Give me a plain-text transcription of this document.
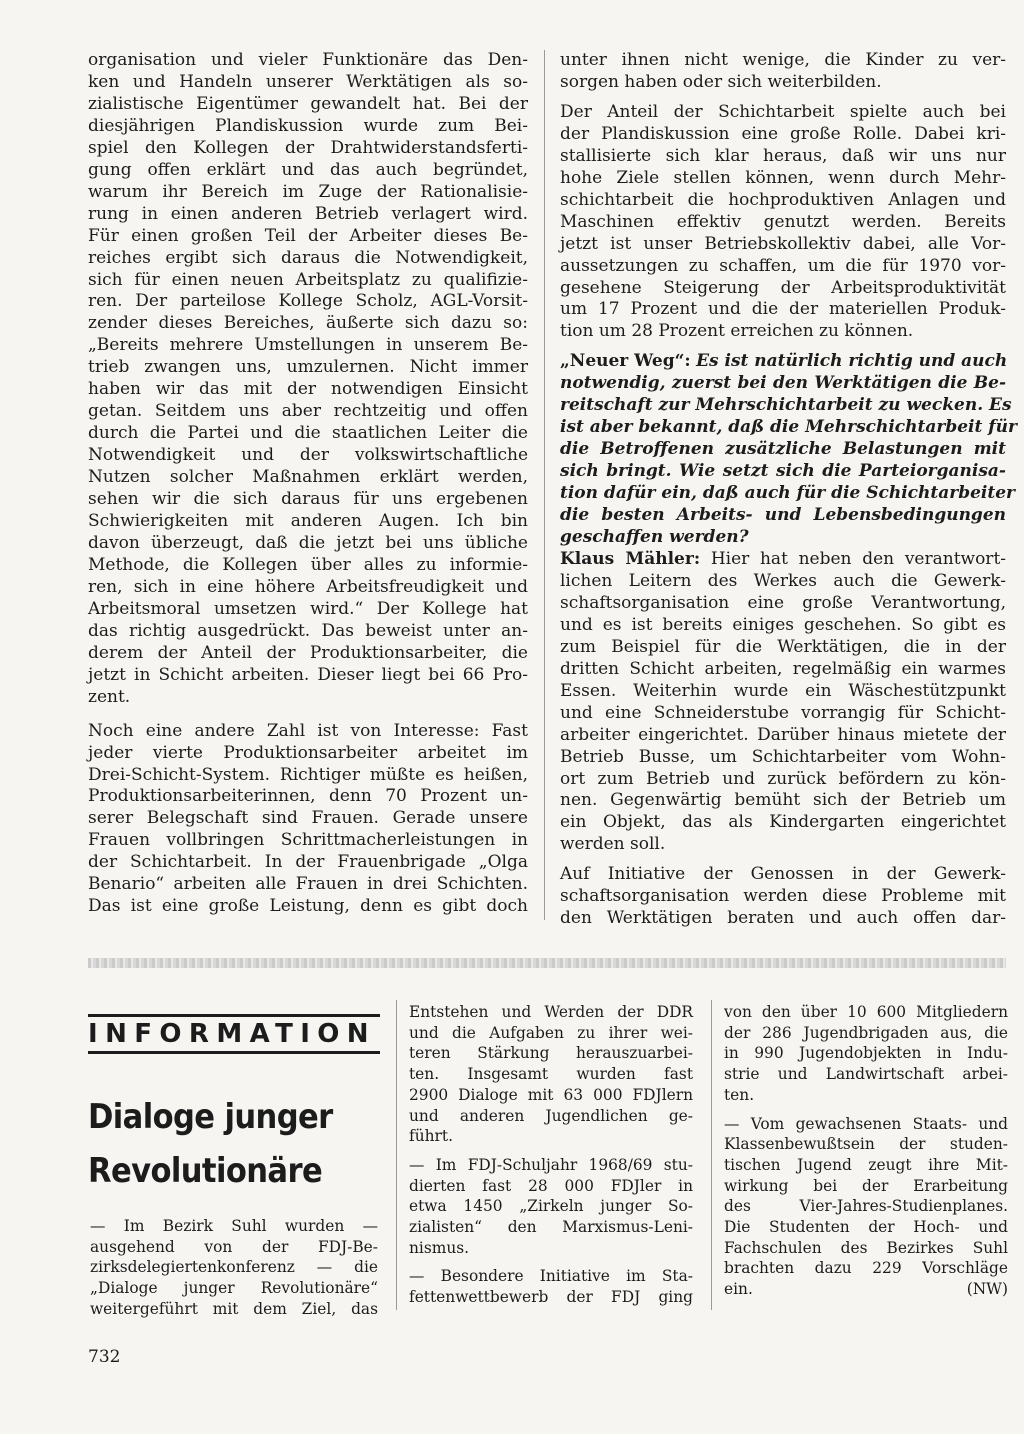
organisation und vieler Funktionäre das Den-
ken und Handeln unserer Werktätigen als so-
zialistische Eigentümer gewandelt hat. Bei der
diesjährigen Plandiskussion wurde zum Bei-
spiel den Kollegen der Drahtwiderstandsferti-
gung offen erklärt und das auch begründet,
warum ihr Bereich im Zuge der Rationalisie-
rung in einen anderen Betrieb verlagert wird.
Für einen großen Teil der Arbeiter dieses Be-
reiches ergibt sich daraus die Notwendigkeit,
sich für einen neuen Arbeitsplatz zu qualifizie-
ren. Der parteilose Kollege Scholz, AGL-Vorsit-
zender dieses Bereiches, äußerte sich dazu so:
„Bereits mehrere Umstellungen in unserem Be-
trieb zwangen uns, umzulernen. Nicht immer
haben wir das mit der notwendigen Einsicht
getan. Seitdem uns aber rechtzeitig und offen
durch die Partei und die staatlichen Leiter die
Notwendigkeit und der volkswirtschaftliche
Nutzen solcher Maßnahmen erklärt werden,
sehen wir die sich daraus für uns ergebenen
Schwierigkeiten mit anderen Augen. Ich bin
davon überzeugt, daß die jetzt bei uns übliche
Methode, die Kollegen über alles zu informie-
ren, sich in eine höhere Arbeitsfreudigkeit und
Arbeitsmoral umsetzen wird.“ Der Kollege hat
das richtig ausgedrückt. Das beweist unter an-
derem der Anteil der Produktionsarbeiter, die
jetzt in Schicht arbeiten. Dieser liegt bei 66 Pro-
zent.
Noch eine andere Zahl ist von Interesse: Fast
jeder vierte Produktionsarbeiter arbeitet im
Drei-Schicht-System. Richtiger müßte es heißen,
Produktionsarbeiterinnen, denn 70 Prozent un-
serer Belegschaft sind Frauen. Gerade unsere
Frauen vollbringen Schrittmacherleistungen in
der Schichtarbeit. In der Frauenbrigade „Olga
Benario“ arbeiten alle Frauen in drei Schichten.
Das ist eine große Leistung, denn es gibt doch
unter ihnen nicht wenige, die Kinder zu ver-
sorgen haben oder sich weiterbilden.
Der Anteil der Schichtarbeit spielte auch bei
der Plandiskussion eine große Rolle. Dabei kri-
stallisierte sich klar heraus, daß wir uns nur
hohe Ziele stellen können, wenn durch Mehr-
schichtarbeit die hochproduktiven Anlagen und
Maschinen effektiv genutzt werden. Bereits
jetzt ist unser Betriebskollektiv dabei, alle Vor-
aussetzungen zu schaffen, um die für 1970 vor-
gesehene Steigerung der Arbeitsproduktivität
um 17 Prozent und die der materiellen Produk-
tion um 28 Prozent erreichen zu können.
„Neuer Weg“: Es ist natürlich richtig und auch
notwendig, zuerst bei den Werktätigen die Be-
reitschaft zur Mehrschichtarbeit zu wecken. Es
ist aber bekannt, daß die Mehrschichtarbeit für
die Betroffenen zusätzliche Belastungen mit
sich bringt. Wie setzt sich die Parteiorganisa-
tion dafür ein, daß auch für die Schichtarbeiter
die besten Arbeits- und Lebensbedingungen
geschaffen werden?
Klaus Mähler: Hier hat neben den verantwort-
lichen Leitern des Werkes auch die Gewerk-
schaftsorganisation eine große Verantwortung,
und es ist bereits einiges geschehen. So gibt es
zum Beispiel für die Werktätigen, die in der
dritten Schicht arbeiten, regelmäßig ein warmes
Essen. Weiterhin wurde ein Wäschestützpunkt
und eine Schneiderstube vorrangig für Schicht-
arbeiter eingerichtet. Darüber hinaus mietete der
Betrieb Busse, um Schichtarbeiter vom Wohn-
ort zum Betrieb und zurück befördern zu kön-
nen. Gegenwärtig bemüht sich der Betrieb um
ein Objekt, das als Kindergarten eingerichtet
werden soll.
Auf Initiative der Genossen in der Gewerk-
schaftsorganisation werden diese Probleme mit
den Werktätigen beraten und auch offen dar-
INFORMATION
Dialoge junger
Revolutionäre
— Im Bezirk Suhl wurden —
ausgehend von der FDJ-Be-
zirksdelegiertenkonferenz — die
„Dialoge junger Revolutionäre“
weitergeführt mit dem Ziel, das
Entstehen und Werden der DDR
und die Aufgaben zu ihrer wei-
teren Stärkung herauszuarbei-
ten. Insgesamt wurden fast
2900 Dialoge mit 63 000 FDJlern
und anderen Jugendlichen ge-
führt.
— Im FDJ-Schuljahr 1968/69 stu-
dierten fast 28 000 FDJler in
etwa 1450 „Zirkeln junger So-
zialisten“ den Marxismus-Leni-
nismus.
— Besondere Initiative im Sta-
fettenwettbewerb der FDJ ging
von den über 10 600 Mitgliedern
der 286 Jugendbrigaden aus, die
in 990 Jugendobjekten in Indu-
strie und Landwirtschaft arbei-
ten.
— Vom gewachsenen Staats- und
Klassenbewußtsein der studen-
tischen Jugend zeugt ihre Mit-
wirkung bei der Erarbeitung
des Vier-Jahres-Studienplanes.
Die Studenten der Hoch- und
Fachschulen des Bezirkes Suhl
brachten dazu 229 Vorschläge
ein.	(NW)
732
